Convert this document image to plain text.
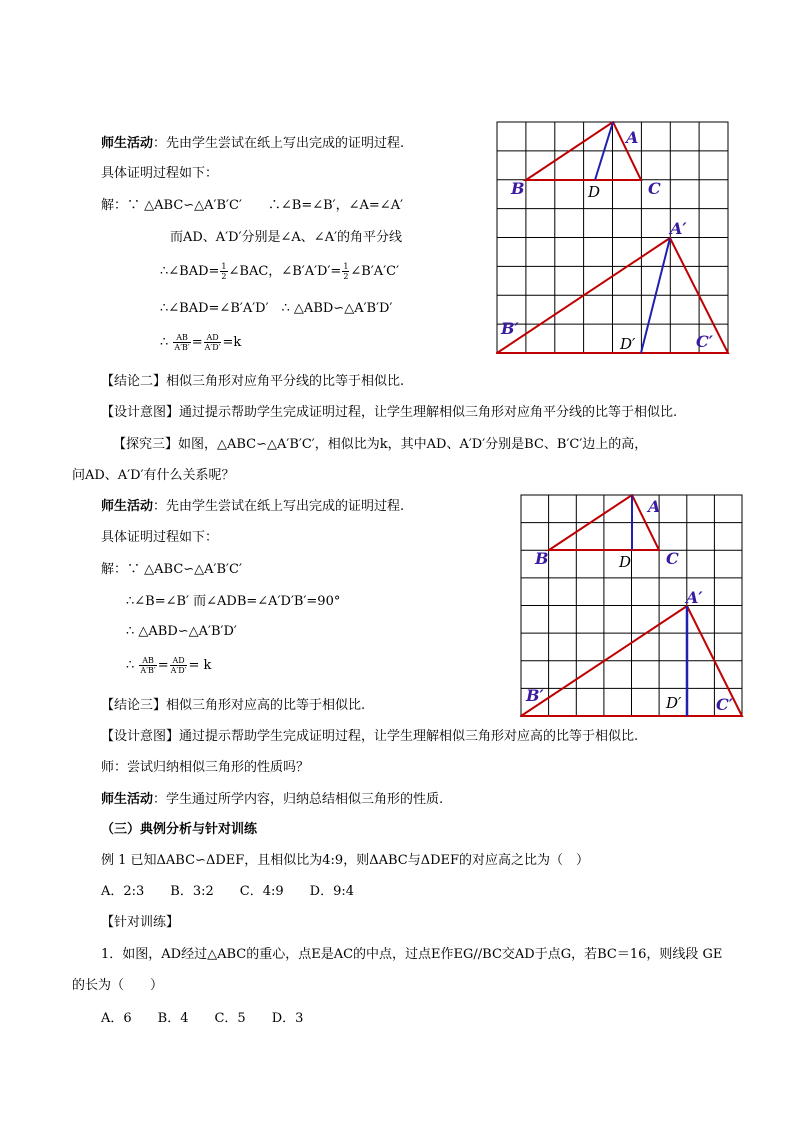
师生活动：先由学生尝试在纸上写出完成的证明过程.
具体证明过程如下：
解：∵ △ABC∽△A′B′C′　　∴∠B=∠B′，∠A=∠A′
而AD、A′D′分别是∠A、∠A′的角平分线
∴∠BAD= $\frac{1}{2}$ ∠BAC，∠B′A′D′= $\frac{1}{2}$ ∠B′A′C′
∴∠BAD=∠B′A′D′　∴ △ABD∽△A′B′D′
∴ $\frac{AB}{A'B'} = \frac{AD}{A'D'} =k$
【结论二】相似三角形对应角平分线的比等于相似比.
【设计意图】通过提示帮助学生完成证明过程，让学生理解相似三角形对应角平分线的比等于相似比.
【探究三】如图，△ABC∽△A′B′C′，相似比为k，其中AD、A′D′分别是BC、B′C′边上的高，
问AD、A′D′有什么关系呢？
师生活动：先由学生尝试在纸上写出完成的证明过程.
具体证明过程如下：
解：∵ △ABC∽△A′B′C′
∴∠B=∠B′ 而∠ADB=∠A′D′B′=90°
∴ △ABD∽△A′B′D′
∴ $\frac{AB}{A'B'} = \frac{AD}{A'D'} = k$
【结论三】相似三角形对应高的比等于相似比.
【设计意图】通过提示帮助学生完成证明过程，让学生理解相似三角形对应高的比等于相似比.
师：尝试归纳相似三角形的性质吗？
师生活动：学生通过所学内容，归纳总结相似三角形的性质.
（三）典例分析与针对训练
例 1 已知ΔABC∽ΔDEF，且相似比为4:9，则ΔABC与ΔDEF的对应高之比为（　）
A．2:3　　B．3:2　　C．4:9　　D．9:4
【针对训练】
1．如图，AD经过△ABC的重心，点E是AC的中点，过点E作EG//BC交AD于点G，若BC＝16，则线段 GE
的长为（　　）
A．6　　B．4　　C．5　　D．3
A
B	C
D
A′
B′
C′
D′
A
B	C
D
A′
B′	C′
D′
